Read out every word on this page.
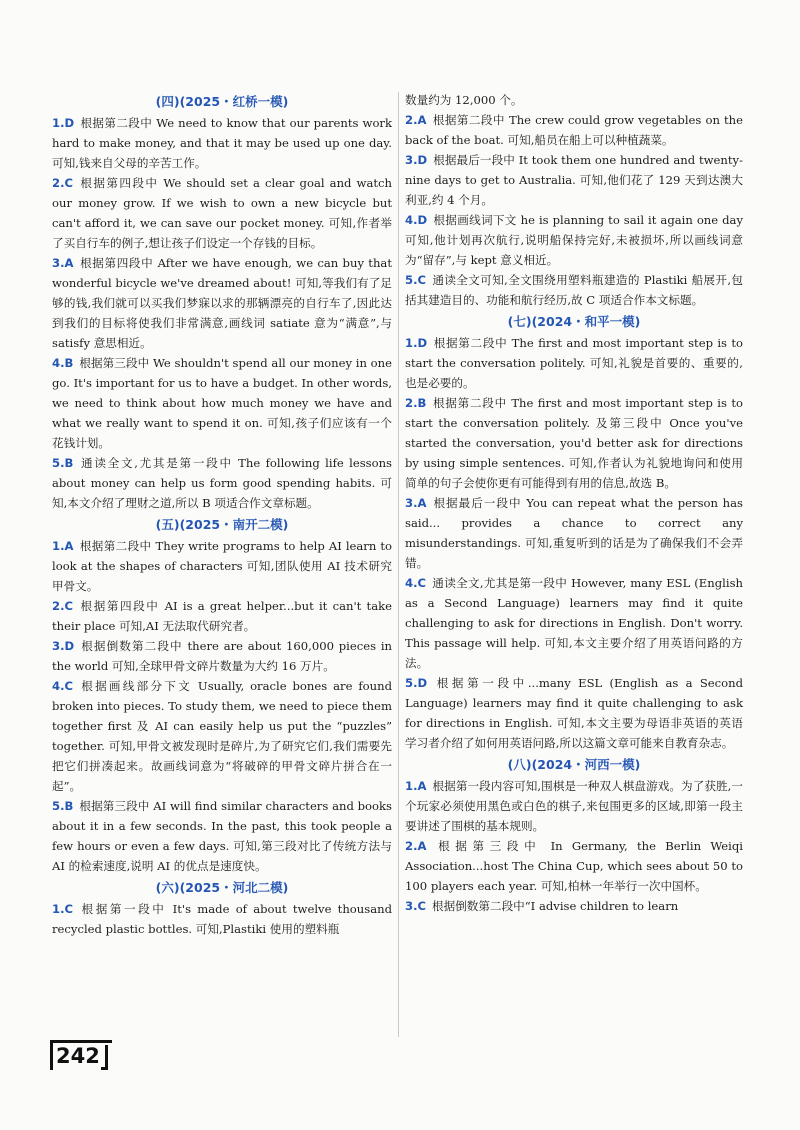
(四)(2025・红桥一模)

1.D 根据第二段中 We need to know that our parents work hard to make money, and that it may be used up one day. 可知,钱来自父母的辛苦工作。

2.C 根据第四段中 We should set a clear goal and watch our money grow. If we wish to own a new bicycle but can't afford it, we can save our pocket money. 可知,作者举了买自行车的例子,想让孩子们设定一个存钱的目标。

3.A 根据第四段中 After we have enough, we can buy that wonderful bicycle we've dreamed about! 可知,等我们有了足够的钱,我们就可以买我们梦寐以求的那辆漂亮的自行车了,因此达到我们的目标将使我们非常满意,画线词 satiate 意为“满意”,与 satisfy 意思相近。

4.B 根据第三段中 We shouldn't spend all our money in one go. It's important for us to have a budget. In other words, we need to think about how much money we have and what we really want to spend it on. 可知,孩子们应该有一个花钱计划。

5.B 通读全文,尤其是第一段中 The following life lessons about money can help us form good spending habits. 可知,本文介绍了理财之道,所以 B 项适合作文章标题。

(五)(2025・南开二模)

1.A 根据第二段中 They write programs to help AI learn to look at the shapes of characters 可知,团队使用 AI 技术研究甲骨文。

2.C 根据第四段中 AI is a great helper...but it can't take their place 可知,AI 无法取代研究者。

3.D 根据倒数第二段中 there are about 160,000 pieces in the world 可知,全球甲骨文碎片数量为大约 16 万片。

4.C 根据画线部分下文 Usually, oracle bones are found broken into pieces. To study them, we need to piece them together first 及 AI can easily help us put the “puzzles” together. 可知,甲骨文被发现时是碎片,为了研究它们,我们需要先把它们拼凑起来。故画线词意为“将破碎的甲骨文碎片拼合在一起”。

5.B 根据第三段中 AI will find similar characters and books about it in a few seconds. In the past, this took people a few hours or even a few days. 可知,第三段对比了传统方法与 AI 的检索速度,说明 AI 的优点是速度快。

(六)(2025・河北二模)

1.C 根据第一段中 It's made of about twelve thousand recycled plastic bottles. 可知,Plastiki 使用的塑料瓶

数量约为 12,000 个。

2.A 根据第二段中 The crew could grow vegetables on the back of the boat. 可知,船员在船上可以种植蔬菜。

3.D 根据最后一段中 It took them one hundred and twenty-nine days to get to Australia. 可知,他们花了 129 天到达澳大利亚,约 4 个月。

4.D 根据画线词下文 he is planning to sail it again one day 可知,他计划再次航行,说明船保持完好,未被损坏,所以画线词意为“留存”,与 kept 意义相近。

5.C 通读全文可知,全文围绕用塑料瓶建造的 Plastiki 船展开,包括其建造目的、功能和航行经历,故 C 项适合作本文标题。

(七)(2024・和平一模)

1.D 根据第二段中 The first and most important step is to start the conversation politely. 可知,礼貌是首要的、重要的,也是必要的。

2.B 根据第二段中 The first and most important step is to start the conversation politely. 及第三段中 Once you've started the conversation, you'd better ask for directions by using simple sentences. 可知,作者认为礼貌地询问和使用简单的句子会使你更有可能得到有用的信息,故选 B。

3.A 根据最后一段中 You can repeat what the person has said... provides a chance to correct any misunderstandings. 可知,重复听到的话是为了确保我们不会弄错。

4.C 通读全文,尤其是第一段中 However, many ESL (English as a Second Language) learners may find it quite challenging to ask for directions in English. Don't worry. This passage will help. 可知,本文主要介绍了用英语问路的方法。

5.D 根据第一段中...many ESL (English as a Second Language) learners may find it quite challenging to ask for directions in English. 可知,本文主要为母语非英语的英语学习者介绍了如何用英语问路,所以这篇文章可能来自教育杂志。

(八)(2024・河西一模)

1.A 根据第一段内容可知,围棋是一种双人棋盘游戏。为了获胜,一个玩家必须使用黑色或白色的棋子,来包围更多的区域,即第一段主要讲述了围棋的基本规则。

2.A 根据第三段中 In Germany, the Berlin Weiqi Association...host The China Cup, which sees about 50 to 100 players each year. 可知,柏林一年举行一次中国杯。

3.C 根据倒数第二段中“I advise children to learn

242
